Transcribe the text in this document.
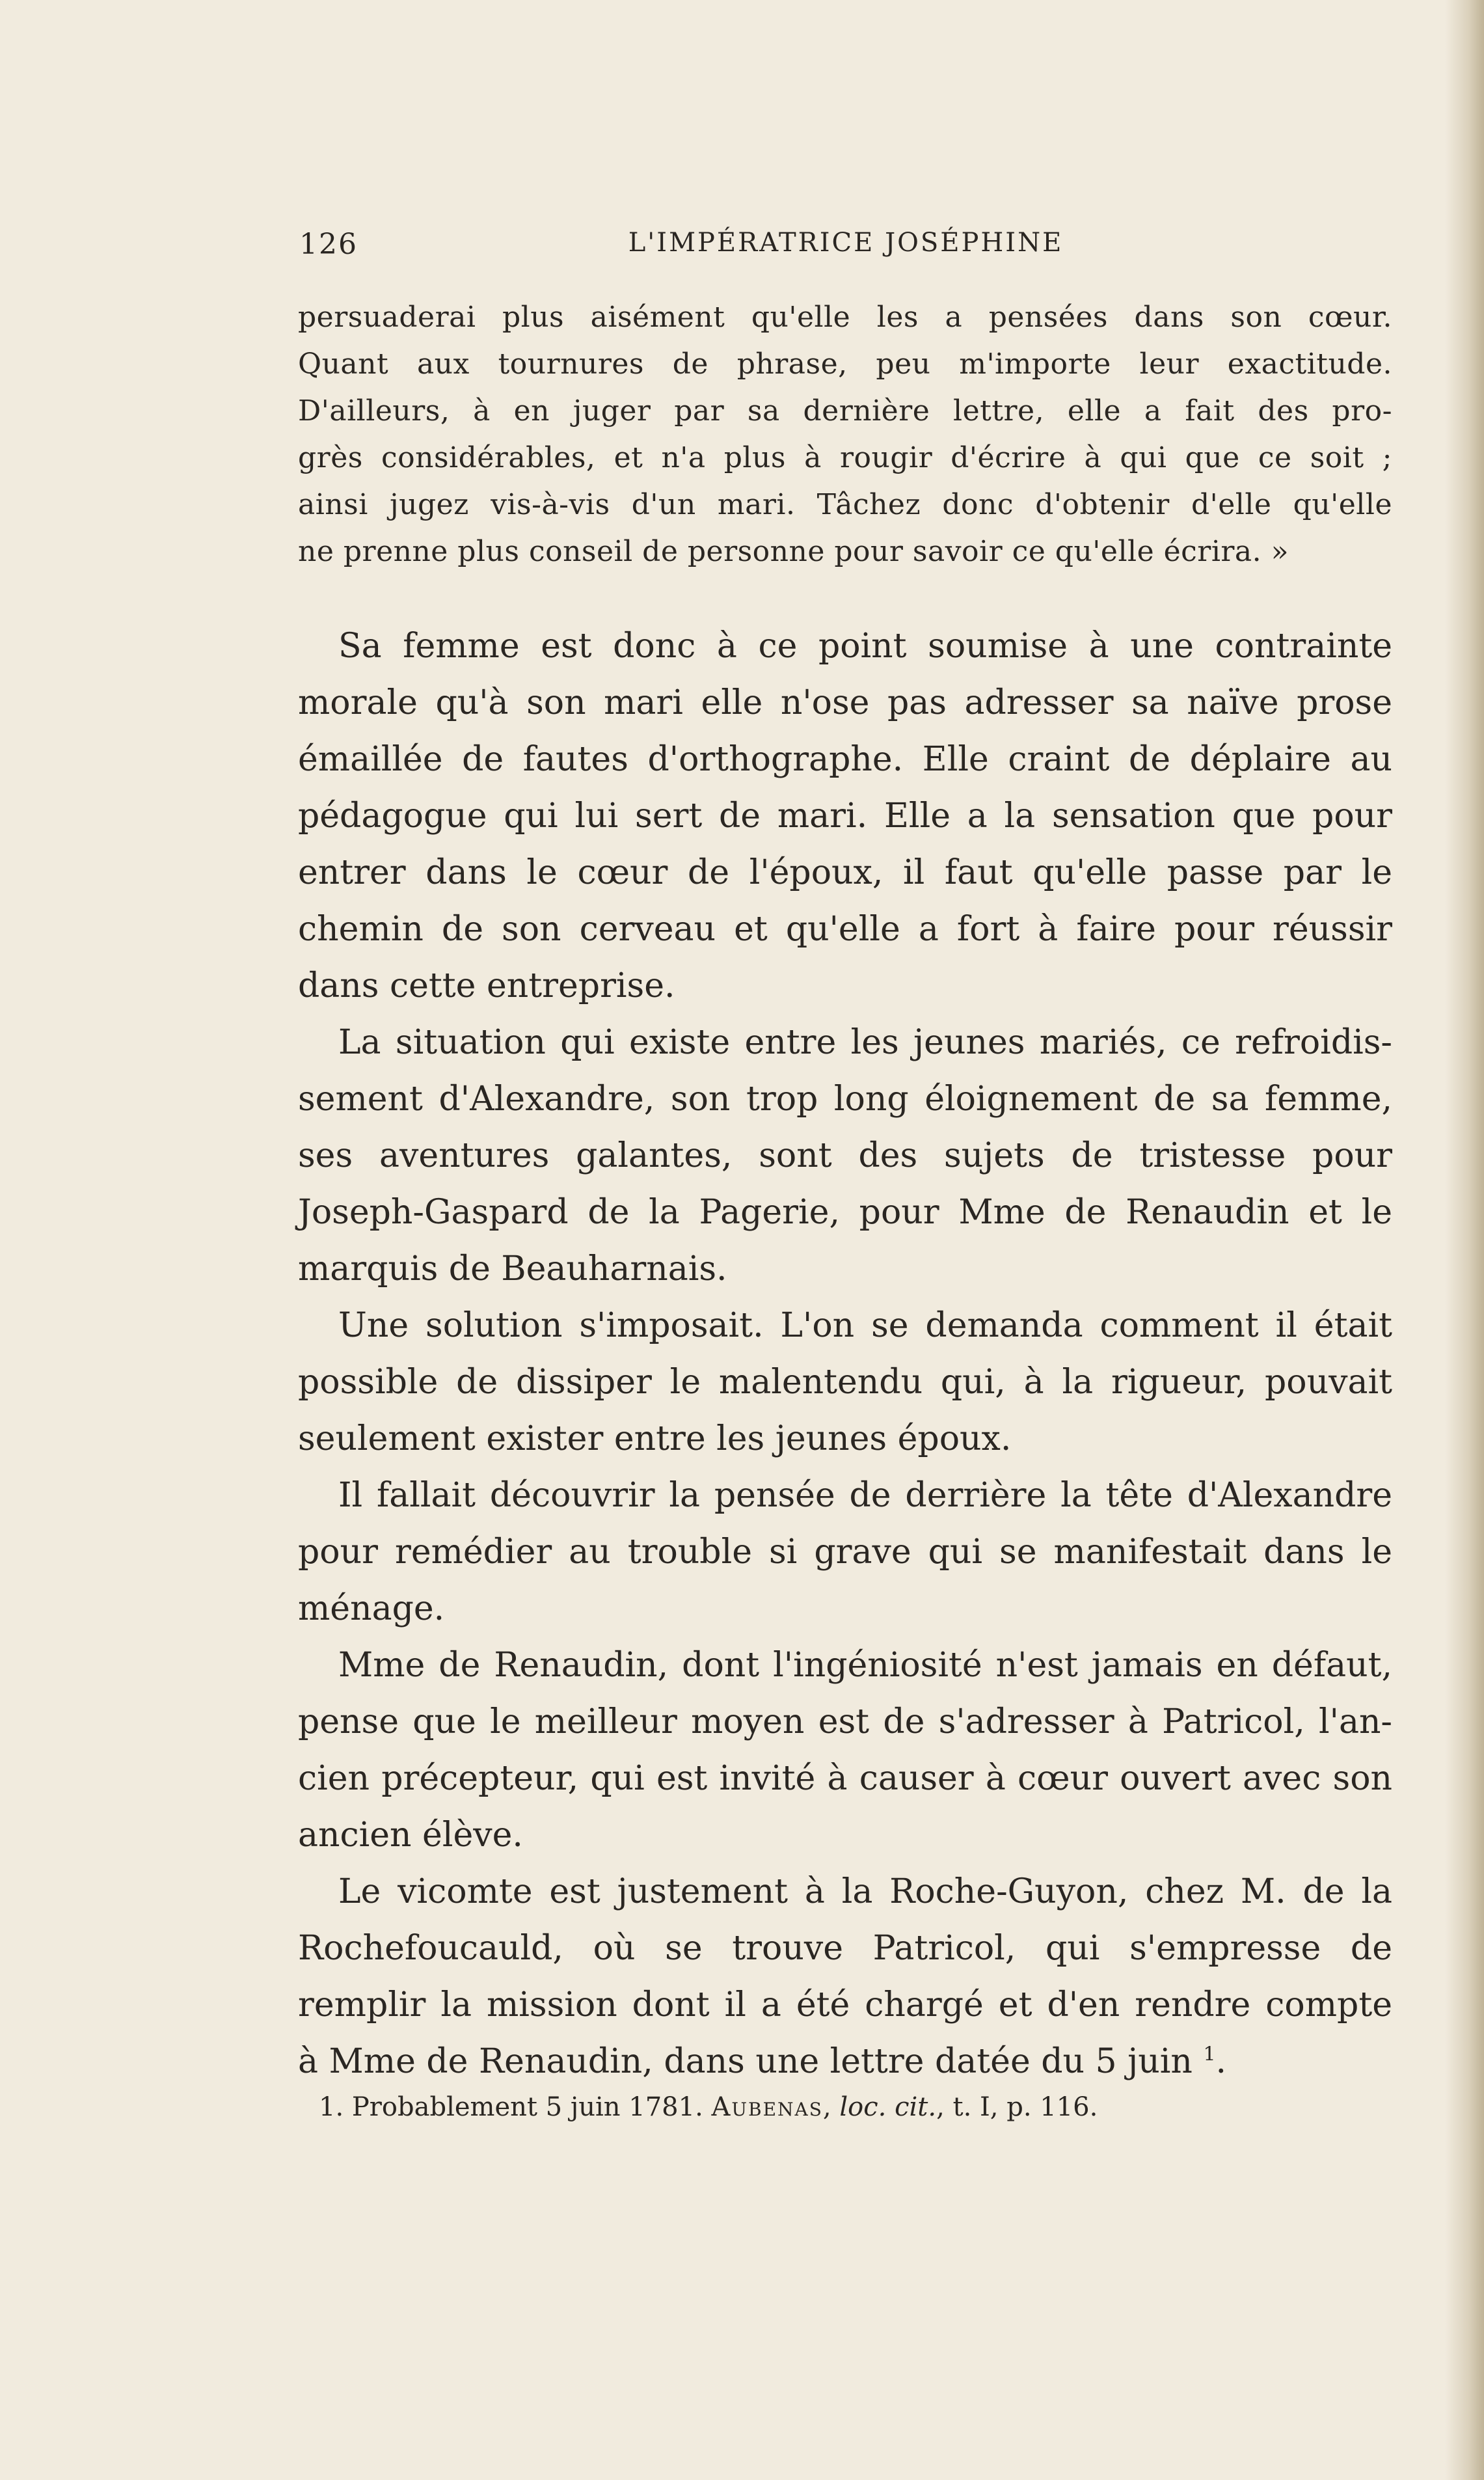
126	L'IMPÉRATRICE JOSÉPHINE
persuaderai plus aisément qu'elle les a pensées dans son cœur.
Quant aux tournures de phrase, peu m'importe leur exactitude.
D'ailleurs, à en juger par sa dernière lettre, elle a fait des pro-
grès considérables, et n'a plus à rougir d'écrire à qui que ce soit ;
ainsi jugez vis-à-vis d'un mari. Tâchez donc d'obtenir d'elle qu'elle
ne prenne plus conseil de personne pour savoir ce qu'elle écrira. »
Sa femme est donc à ce point soumise à une contrainte
morale qu'à son mari elle n'ose pas adresser sa naïve prose
émaillée de fautes d'orthographe. Elle craint de déplaire au
pédagogue qui lui sert de mari. Elle a la sensation que pour
entrer dans le cœur de l'époux, il faut qu'elle passe par le
chemin de son cerveau et qu'elle a fort à faire pour réussir
dans cette entreprise.
La situation qui existe entre les jeunes mariés, ce refroidis-
sement d'Alexandre, son trop long éloignement de sa femme,
ses aventures galantes, sont des sujets de tristesse pour
Joseph-Gaspard de la Pagerie, pour Mme de Renaudin et le
marquis de Beauharnais.
Une solution s'imposait. L'on se demanda comment il était
possible de dissiper le malentendu qui, à la rigueur, pouvait
seulement exister entre les jeunes époux.
Il fallait découvrir la pensée de derrière la tête d'Alexandre
pour remédier au trouble si grave qui se manifestait dans le
ménage.
Mme de Renaudin, dont l'ingéniosité n'est jamais en défaut,
pense que le meilleur moyen est de s'adresser à Patricol, l'an-
cien précepteur, qui est invité à causer à cœur ouvert avec son
ancien élève.
Le vicomte est justement à la Roche-Guyon, chez M. de la
Rochefoucauld, où se trouve Patricol, qui s'empresse de
remplir la mission dont il a été chargé et d'en rendre compte
à Mme de Renaudin, dans une lettre datée du 5 juin $^1$.
1. Probablement 5 juin 1781. Aubenas, loc. cit., t. I, p. 116.
